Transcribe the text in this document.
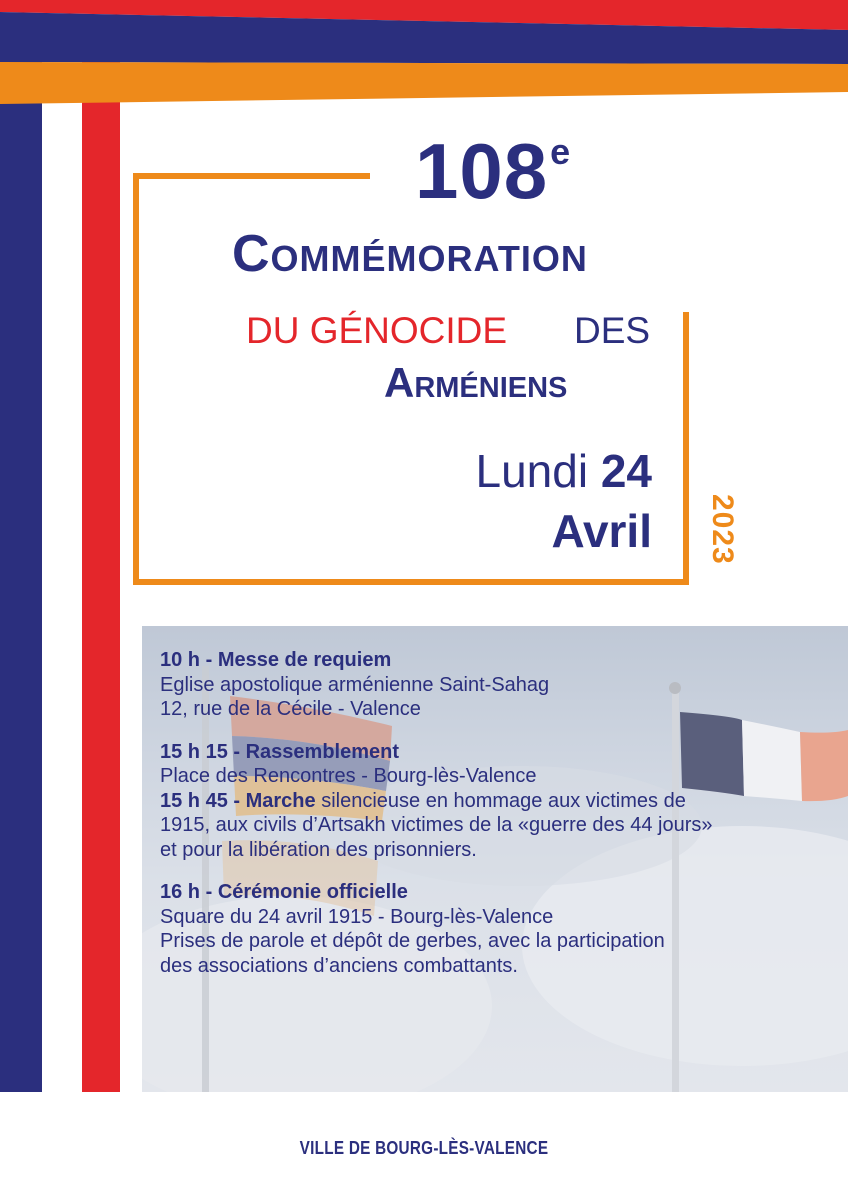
108e
Commémoration
DU GÉNOCIDE DES
Arméniens
Lundi 24
Avril 2023
10 h - Messe de requiem
Eglise apostolique arménienne Saint-Sahag
12, rue de la Cécile - Valence
15 h 15 - Rassemblement
Place des Rencontres - Bourg-lès-Valence
15 h 45 - Marche silencieuse en hommage aux victimes de
1915, aux civils d’Artsakh victimes de la «guerre des 44 jours»
et pour la libération des prisonniers.
16 h - Cérémonie officielle
Square du 24 avril 1915 - Bourg-lès-Valence
Prises de parole et dépôt de gerbes, avec la participation
des associations d’anciens combattants.
VILLE DE BOURG-LÈS-VALENCE
